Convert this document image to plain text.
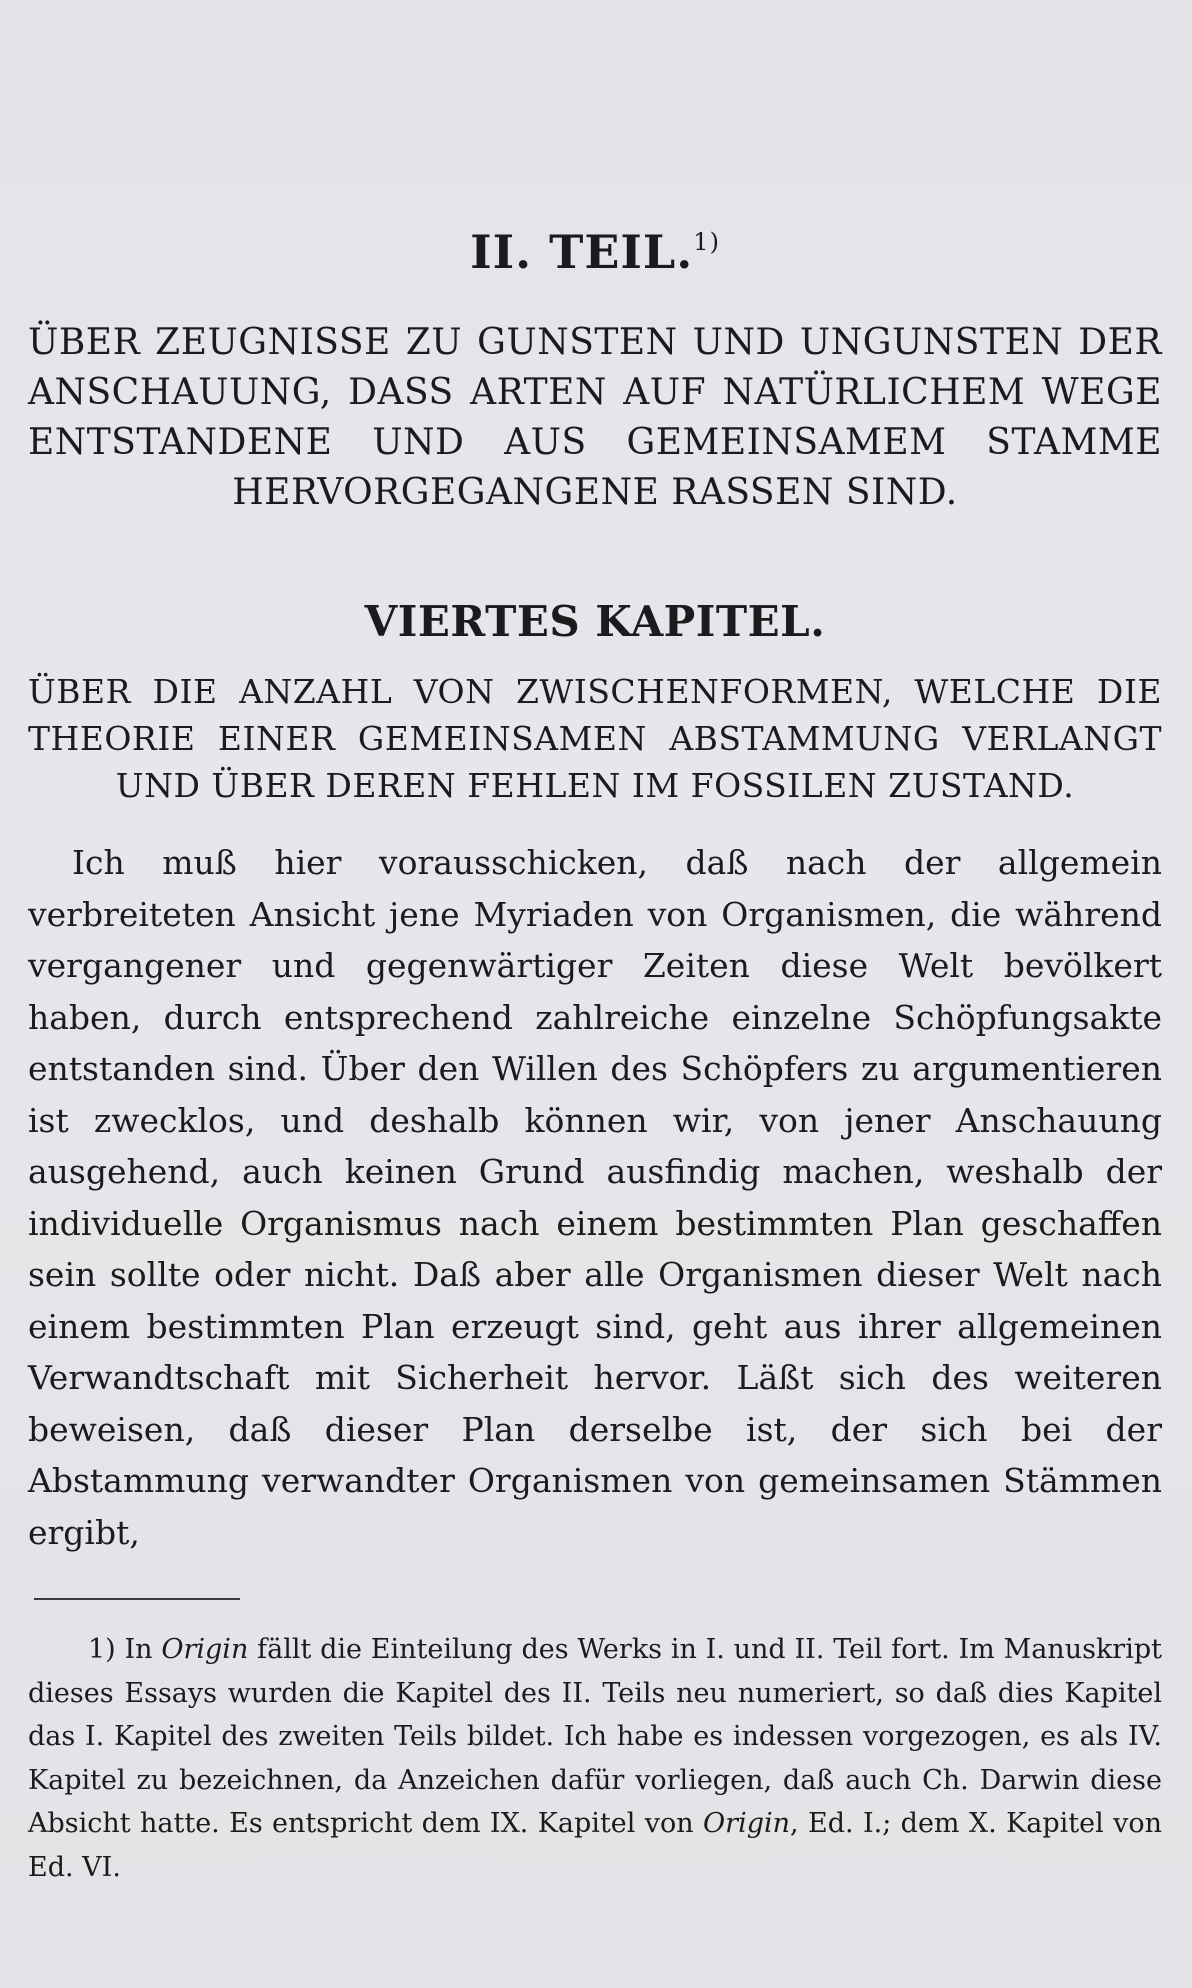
II. TEIL.$^{1)}$

ÜBER ZEUGNISSE ZU GUNSTEN UND UNGUNSTEN DER ANSCHAUUNG, DASS ARTEN AUF NATÜRLICHEM WEGE ENTSTANDENE UND AUS GEMEINSAMEM STAMME HERVORGEGANGENE RASSEN SIND.

VIERTES KAPITEL.

ÜBER DIE ANZAHL VON ZWISCHENFORMEN, WELCHE DIE THEORIE EINER GEMEINSAMEN ABSTAMMUNG VERLANGT UND ÜBER DEREN FEHLEN IM FOSSILEN ZUSTAND.

Ich muß hier vorausschicken, daß nach der allgemein verbreiteten Ansicht jene Myriaden von Organismen, die während vergangener und gegenwärtiger Zeiten diese Welt bevölkert haben, durch entsprechend zahlreiche einzelne Schöpfungsakte entstanden sind. Über den Willen des Schöpfers zu argumentieren ist zwecklos, und deshalb können wir, von jener Anschauung ausgehend, auch keinen Grund ausfindig machen, weshalb der individuelle Organismus nach einem bestimmten Plan geschaffen sein sollte oder nicht. Daß aber alle Organismen dieser Welt nach einem bestimmten Plan erzeugt sind, geht aus ihrer allgemeinen Verwandtschaft mit Sicherheit hervor. Läßt sich des weiteren beweisen, daß dieser Plan derselbe ist, der sich bei der Abstammung verwandter Organismen von gemeinsamen Stämmen ergibt,

1) In Origin fällt die Einteilung des Werks in I. und II. Teil fort. Im Manuskript dieses Essays wurden die Kapitel des II. Teils neu numeriert, so daß dies Kapitel das I. Kapitel des zweiten Teils bildet. Ich habe es indessen vorgezogen, es als IV. Kapitel zu bezeichnen, da Anzeichen dafür vorliegen, daß auch Ch. Darwin diese Absicht hatte. Es entspricht dem IX. Kapitel von Origin, Ed. I.; dem X. Kapitel von Ed. VI.
